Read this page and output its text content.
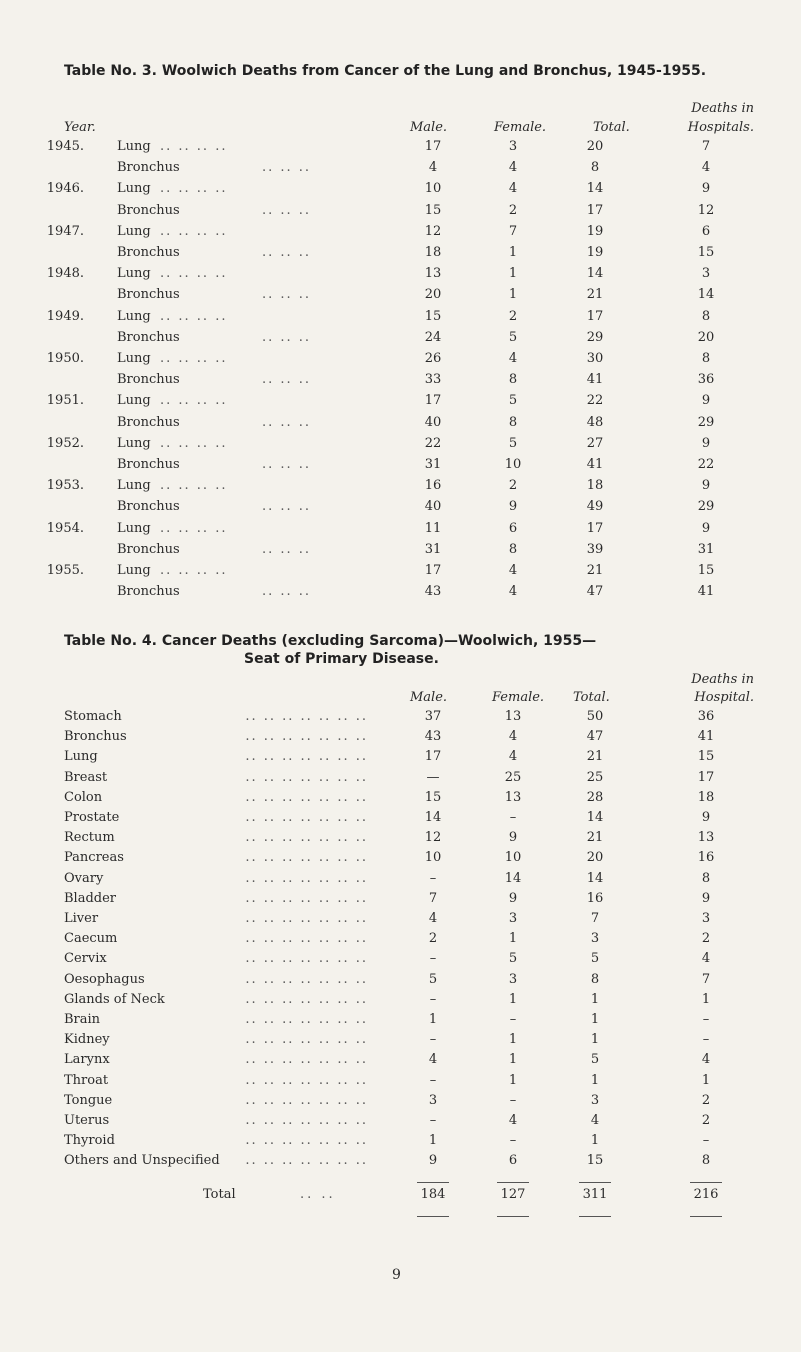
Table No. 3. Woolwich Deaths from Cancer of the Lung and Bronchus, 1945-1955.
Year.	Male.	Female.	Total.
Deaths in
Hospitals.
1945.	Lung .. .. .. ..	17	3	20	7
Bronchus	.. .. ..	4	4	8	4
1946.	Lung .. .. .. ..	10	4	14	9
Bronchus	.. .. ..	15	2	17	12
1947.	Lung .. .. .. ..	12	7	19	6
Bronchus	.. .. ..	18	1	19	15
1948.	Lung .. .. .. ..	13	1	14	3
Bronchus	.. .. ..	20	1	21	14
1949.	Lung .. .. .. ..	15	2	17	8
Bronchus	.. .. ..	24	5	29	20
1950.	Lung .. .. .. ..	26	4	30	8
Bronchus	.. .. ..	33	8	41	36
1951.	Lung .. .. .. ..	17	5	22	9
Bronchus	.. .. ..	40	8	48	29
1952.	Lung .. .. .. ..	22	5	27	9
Bronchus	.. .. ..	31	10	41	22
1953.	Lung .. .. .. ..	16	2	18	9
Bronchus	.. .. ..	40	9	49	29
1954.	Lung .. .. .. ..	11	6	17	9
Bronchus	.. .. ..	31	8	39	31
1955.	Lung .. .. .. ..	17	4	21	15
Bronchus	.. .. ..	43	4	47	41
Table No. 4. Cancer Deaths (excluding Sarcoma)—Woolwich, 1955—
Seat of Primary Disease.
Male.	Female. Total.
Deaths in
Hospital.
Stomach	.. .. .. .. .. .. ..	37	13	50	36
Bronchus	.. .. .. .. .. .. ..	43	4	47	41
Lung	.. .. .. .. .. .. ..	17	4	21	15
Breast	.. .. .. .. .. .. ..	—	25	25	17
Colon	.. .. .. .. .. .. ..	15	13	28	18
Prostate	.. .. .. .. .. .. ..	14	–	14	9
Rectum	.. .. .. .. .. .. ..	12	9	21	13
Pancreas	.. .. .. .. .. .. ..	10	10	20	16
Ovary	.. .. .. .. .. .. ..	–	14	14	8
Bladder	.. .. .. .. .. .. ..	7	9	16	9
Liver	.. .. .. .. .. .. ..	4	3	7	3
Caecum	.. .. .. .. .. .. ..	2	1	3	2
Cervix	.. .. .. .. .. .. ..	–	5	5	4
Oesophagus	.. .. .. .. .. .. ..	5	3	8	7
Glands of Neck	.. .. .. .. .. .. ..	–	1	1	1
Brain	.. .. .. .. .. .. ..	1	–	1	–
Kidney	.. .. .. .. .. .. ..	–	1	1	–
Larynx	.. .. .. .. .. .. ..	4	1	5	4
Throat	.. .. .. .. .. .. ..	–	1	1	1
Tongue	.. .. .. .. .. .. ..	3	–	3	2
Uterus	.. .. .. .. .. .. ..	–	4	4	2
Thyroid	.. .. .. .. .. .. ..	1	–	1	–
Others and Unspecified	.. .. .. .. .. .. ..	9	6	15	8
Total	.. ..	184	127	311	216
9
